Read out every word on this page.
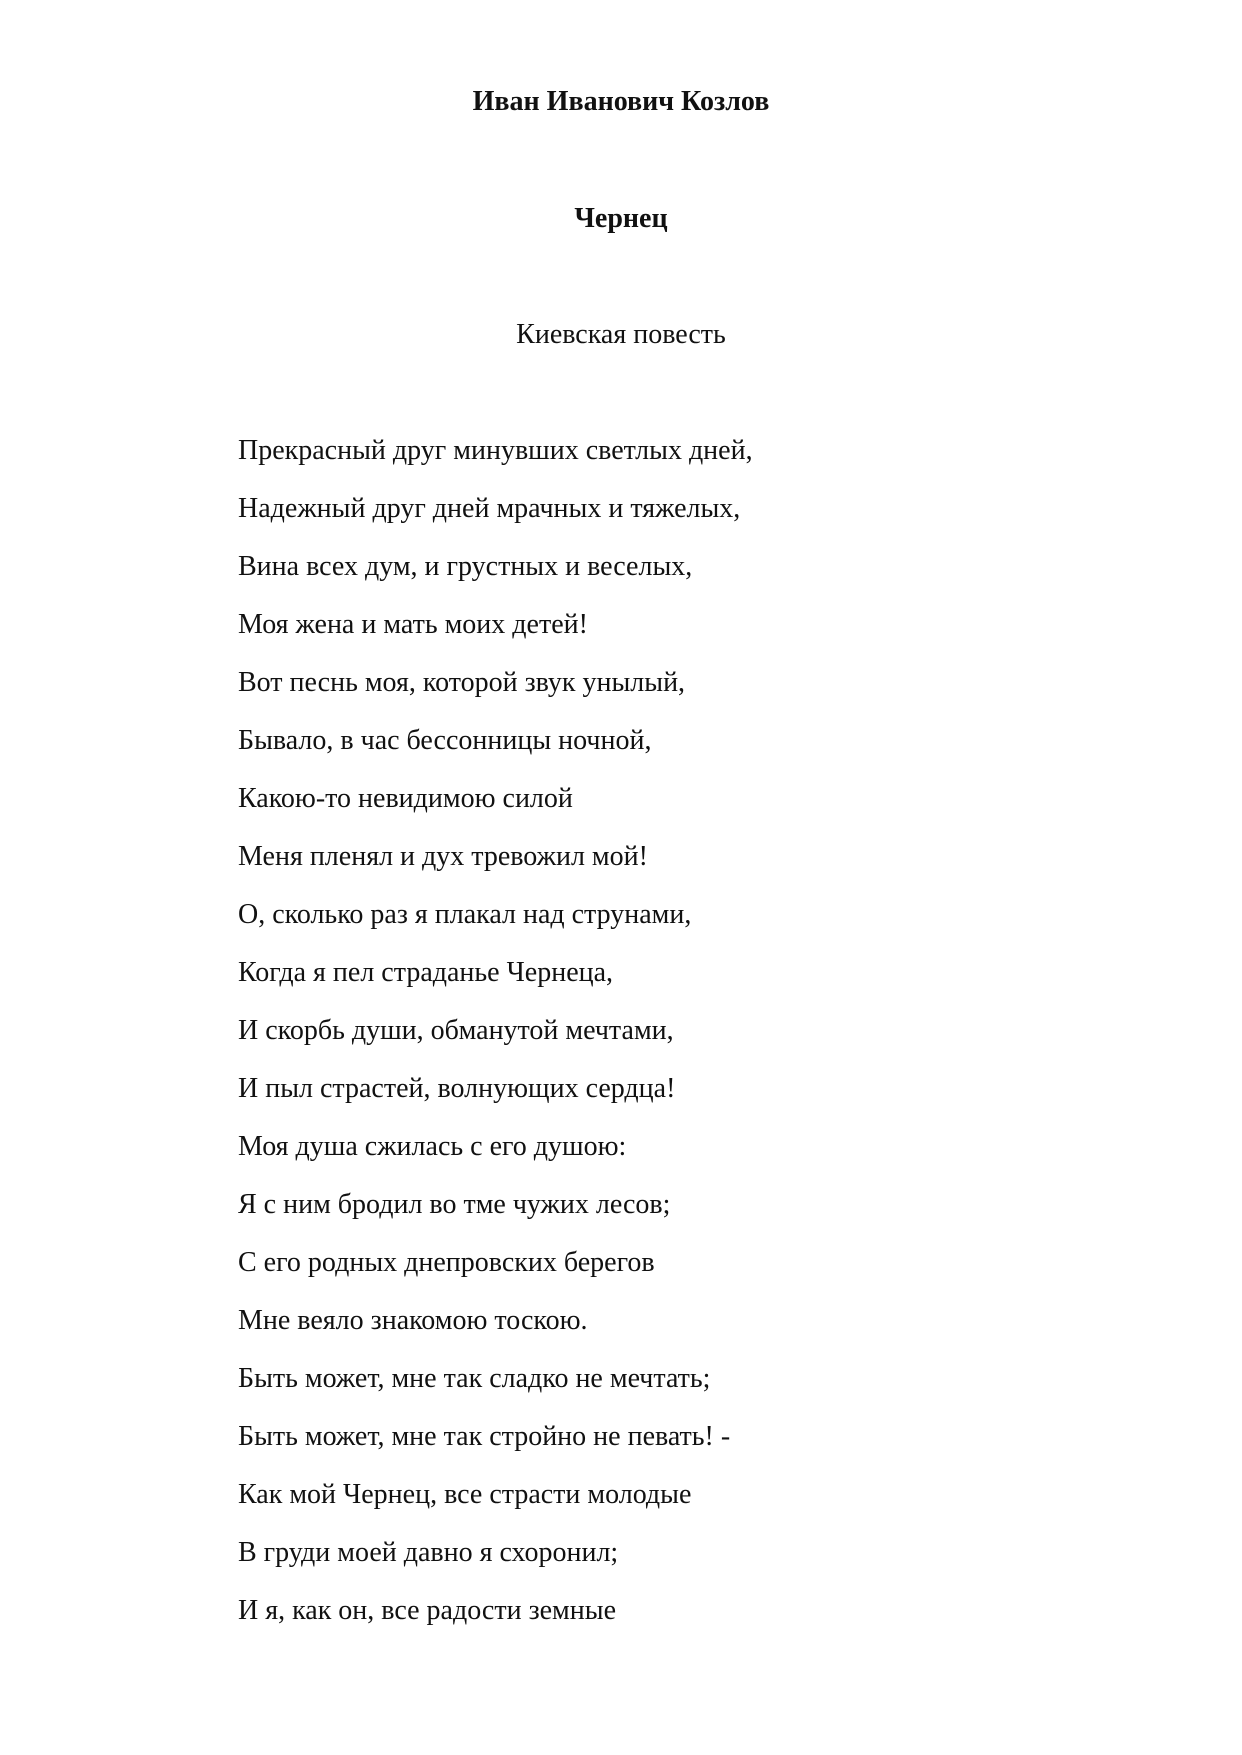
Иван Иванович Козлов
Чернец
Киевская повесть
Прекрасный друг минувших светлых дней,
Надежный друг дней мрачных и тяжелых,
Вина всех дум, и грустных и веселых,
Моя жена и мать моих детей!
Вот песнь моя, которой звук унылый,
Бывало, в час бессонницы ночной,
Какою-то невидимою силой
Меня пленял и дух тревожил мой!
О, сколько раз я плакал над струнами,
Когда я пел страданье Чернеца,
И скорбь души, обманутой мечтами,
И пыл страстей, волнующих сердца!
Моя душа сжилась с его душою:
Я с ним бродил во тме чужих лесов;
С его родных днепровских берегов
Мне веяло знакомою тоскою.
Быть может, мне так сладко не мечтать;
Быть может, мне так стройно не певать! -
Как мой Чернец, все страсти молодые
В груди моей давно я схоронил;
И я, как он, все радости земные
